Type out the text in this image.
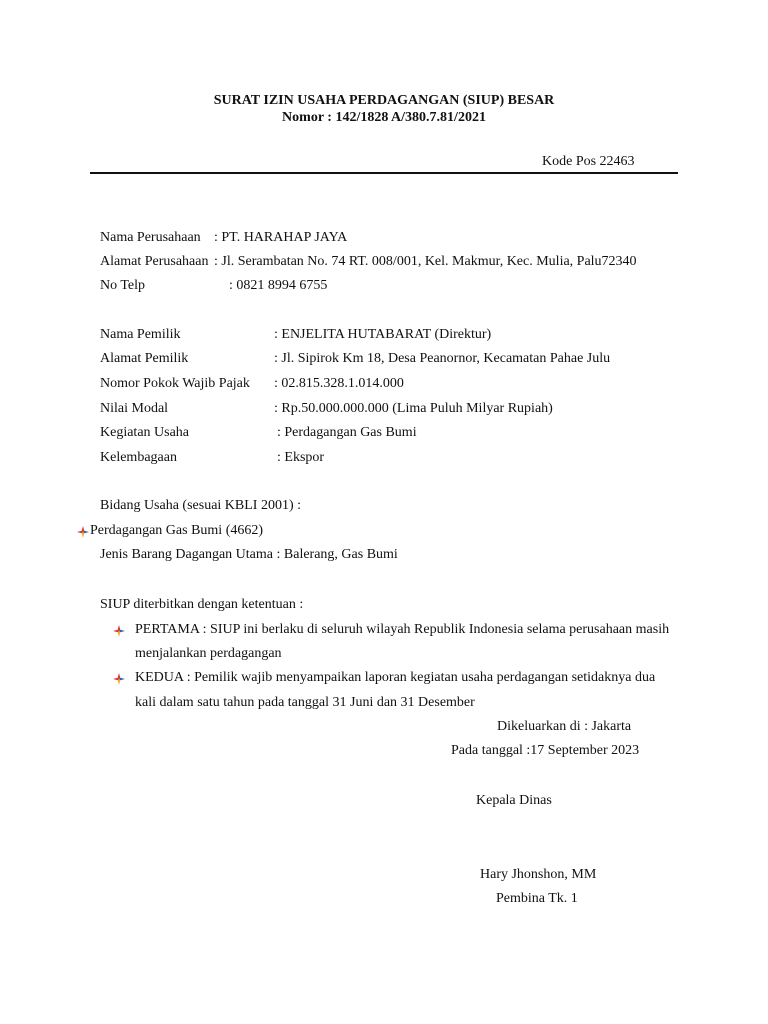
SURAT IZIN USAHA PERDAGANGAN (SIUP) BESAR
Nomor : 142/1828 A/380.7.81/2021
Kode Pos 22463
Nama Perusahaan : PT. HARAHAP JAYA
Alamat Perusahaan : Jl. Serambatan No. 74 RT. 008/001, Kel. Makmur, Kec. Mulia, Palu72340
No Telp	: 0821 8994 6755
Nama Pemilik	: ENJELITA HUTABARAT (Direktur)
Alamat Pemilik	: Jl. Sipirok Km 18, Desa Peanornor, Kecamatan Pahae Julu
Nomor Pokok Wajib Pajak : 02.815.328.1.014.000
Nilai Modal	: Rp.50.000.000.000 (Lima Puluh Milyar Rupiah)
Kegiatan Usaha	: Perdagangan Gas Bumi
Kelembagaan	: Ekspor
Bidang Usaha (sesuai KBLI 2001) :
Perdagangan Gas Bumi (4662)
Jenis Barang Dagangan Utama : Balerang, Gas Bumi
SIUP diterbitkan dengan ketentuan :
PERTAMA : SIUP ini berlaku di seluruh wilayah Republik Indonesia selama perusahaan masih
menjalankan perdagangan
KEDUA : Pemilik wajib menyampaikan laporan kegiatan usaha perdagangan setidaknya dua
kali dalam satu tahun pada tanggal 31 Juni dan 31 Desember
Dikeluarkan di : Jakarta
Pada tanggal :17 September 2023
Kepala Dinas
Hary Jhonshon, MM
Pembina Tk. 1
